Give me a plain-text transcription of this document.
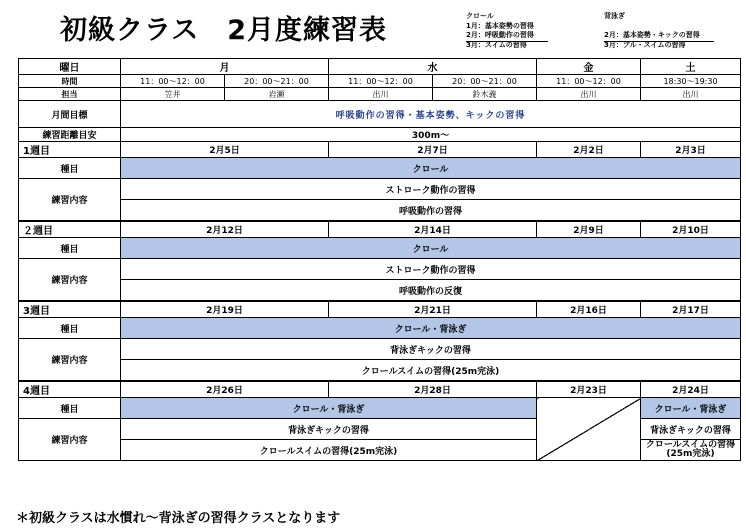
初級クラス 2月度練習表	クロール
1月：基本姿勢の習得
2月：呼吸動作の習得
3月：スイムの習得
背泳ぎ
2月：基本姿勢・キックの習得
3月：プル・スイムの習得
曜日	月		水		金	土
時間	11：00〜12：00	20：00〜21：00	11：00〜12：00	20：00〜21：00	11：00〜12：00	18:30〜19:30
担当	笠井	岩瀬	出川	鈴木義	出川	出川
月間目標	呼吸動作の習得・基本姿勢、キックの習得					
練習距離目安	300m〜					
1週目	2月5日		2月7日		2月2日	2月3日
種目	クロール					
練習内容	ストローク動作の習得					
	呼吸動作の習得					
２週目	2月12日		2月14日		2月9日	2月10日
種目	クロール					
練習内容	ストローク動作の習得					
	呼吸動作の反復					
3週目	2月19日		2月21日		2月16日	2月17日
種目	クロール・背泳ぎ					
練習内容	背泳ぎキックの習得					
	クロールスイムの習得(25m完泳)					
4週目	2月26日		2月28日		2月23日	2月24日
種目	クロール・背泳ぎ					クロール・背泳ぎ
練習内容	背泳ぎキックの習得					背泳ぎキックの習得
	クロールスイムの習得(25m完泳)					クロールスイムの習得
(25m完泳)
＊初級クラスは水慣れ〜背泳ぎの習得クラスとなります
